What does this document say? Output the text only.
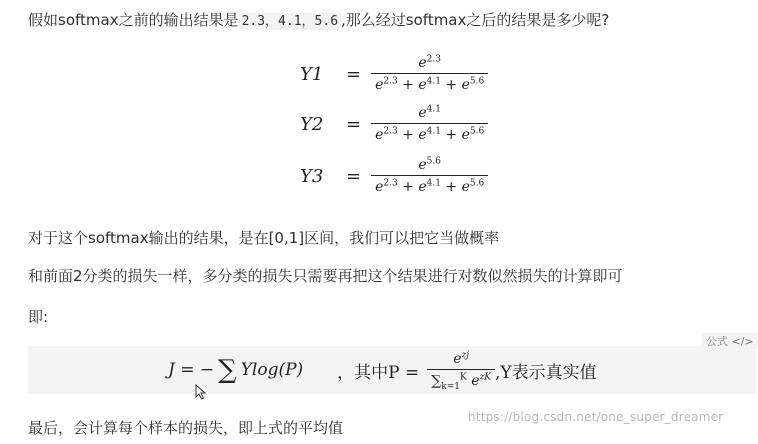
假如softmax之前的输出结果是 2.3，4.1，5.6 ,那么经过softmax之后的结果是多少呢?
Y1	= $\frac{e^{2.3}}{e^{2.3} + e^{4.1} + e^{5.6}}$
Y2	= $\frac{e^{4.1}}{e^{2.3} + e^{4.1} + e^{5.6}}$
Y3	= $\frac{e^{5.6}}{e^{2.3} + e^{4.1} + e^{5.6}}$
对于这个softmax输出的结果，是在[0,1]区间，我们可以把它当做概率
和前面2分类的损失一样，多分类的损失只需要再把这个结果进行对数似然损失的计算即可
即:
公式 </>
J = − ∑ Ylog(P) ，其中$P = \frac{e^{zj}}{\sum_{k=1}^K e^{zK}} ,Y$表示真实值
最后，会计算每个样本的损失，即上式的平均值
https://blog.csdn.net/one_super_dreamer
